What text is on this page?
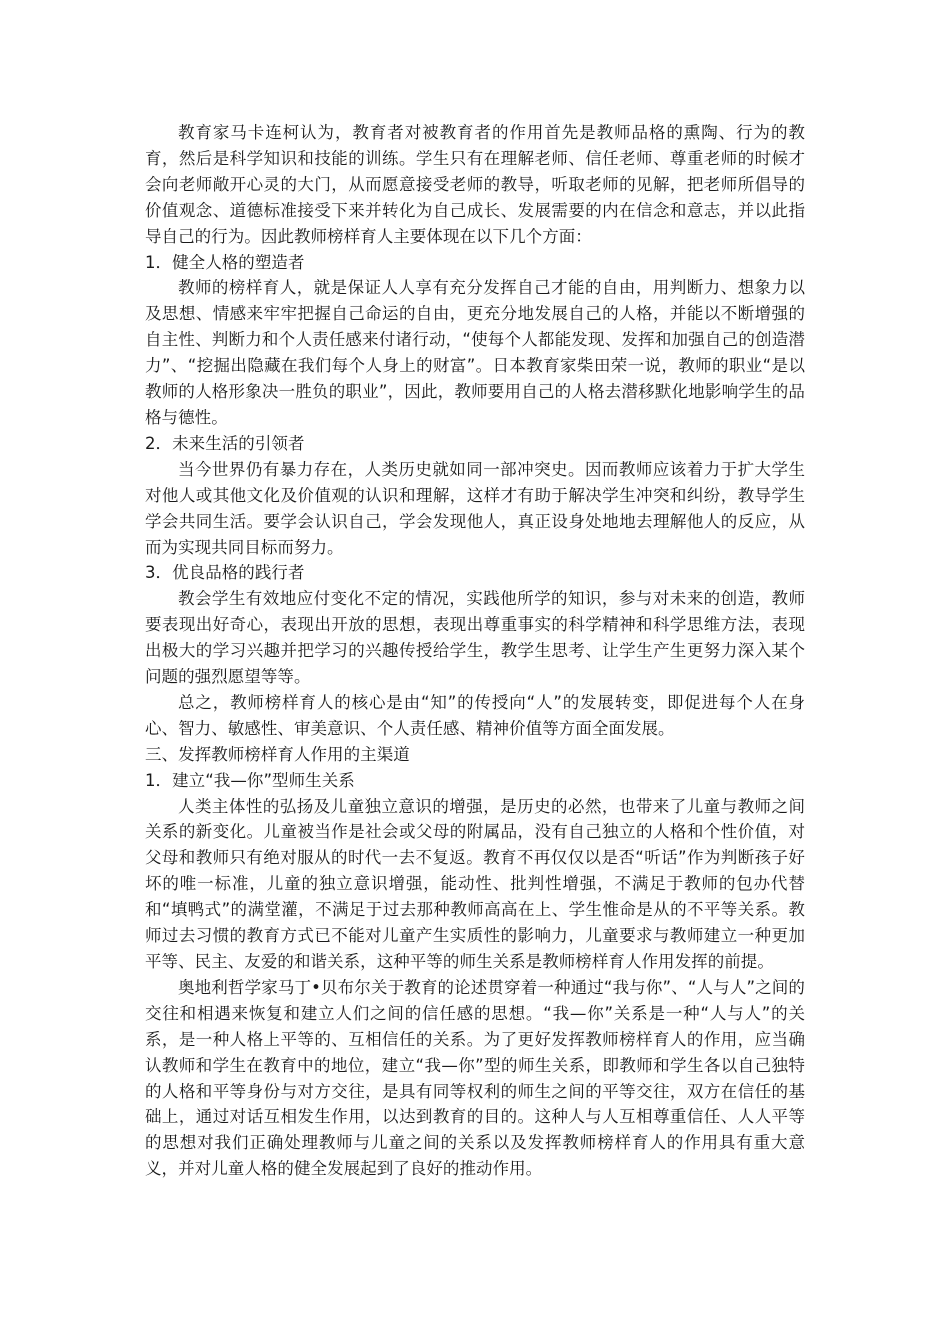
教育家马卡连柯认为，教育者对被教育者的作用首先是教师品格的熏陶、行为的教育，然后是科学知识和技能的训练。学生只有在理解老师、信任老师、尊重老师的时候才会向老师敞开心灵的大门，从而愿意接受老师的教导，听取老师的见解，把老师所倡导的价值观念、道德标准接受下来并转化为自己成长、发展需要的内在信念和意志，并以此指导自己的行为。因此教师榜样育人主要体现在以下几个方面：

1．健全人格的塑造者

教师的榜样育人，就是保证人人享有充分发挥自己才能的自由，用判断力、想象力以及思想、情感来牢牢把握自己命运的自由，更充分地发展自己的人格，并能以不断增强的自主性、判断力和个人责任感来付诸行动，“使每个人都能发现、发挥和加强自己的创造潜力”、“挖掘出隐藏在我们每个人身上的财富”。日本教育家柴田荣一说，教师的职业“是以教师的人格形象决一胜负的职业”，因此，教师要用自己的人格去潜移默化地影响学生的品格与德性。

2．未来生活的引领者

当今世界仍有暴力存在，人类历史就如同一部冲突史。因而教师应该着力于扩大学生对他人或其他文化及价值观的认识和理解，这样才有助于解决学生冲突和纠纷，教导学生学会共同生活。要学会认识自己，学会发现他人，真正设身处地地去理解他人的反应，从而为实现共同目标而努力。

3．优良品格的践行者

教会学生有效地应付变化不定的情况，实践他所学的知识，参与对未来的创造，教师要表现出好奇心，表现出开放的思想，表现出尊重事实的科学精神和科学思维方法，表现出极大的学习兴趣并把学习的兴趣传授给学生，教学生思考、让学生产生更努力深入某个问题的强烈愿望等等。

总之，教师榜样育人的核心是由“知”的传授向“人”的发展转变，即促进每个人在身心、智力、敏感性、审美意识、个人责任感、精神价值等方面全面发展。

三、发挥教师榜样育人作用的主渠道

1．建立“我—你”型师生关系

人类主体性的弘扬及儿童独立意识的增强，是历史的必然，也带来了儿童与教师之间关系的新变化。儿童被当作是社会或父母的附属品，没有自己独立的人格和个性价值，对父母和教师只有绝对服从的时代一去不复返。教育不再仅仅以是否“听话”作为判断孩子好坏的唯一标准，儿童的独立意识增强，能动性、批判性增强，不满足于教师的包办代替和“填鸭式”的满堂灌，不满足于过去那种教师高高在上、学生惟命是从的不平等关系。教师过去习惯的教育方式已不能对儿童产生实质性的影响力，儿童要求与教师建立一种更加平等、民主、友爱的和谐关系，这种平等的师生关系是教师榜样育人作用发挥的前提。

奥地利哲学家马丁•贝布尔关于教育的论述贯穿着一种通过“我与你”、“人与人”之间的交往和相遇来恢复和建立人们之间的信任感的思想。“我—你”关系是一种“人与人”的关系，是一种人格上平等的、互相信任的关系。为了更好发挥教师榜样育人的作用，应当确认教师和学生在教育中的地位，建立“我—你”型的师生关系，即教师和学生各以自己独特的人格和平等身份与对方交往，是具有同等权利的师生之间的平等交往，双方在信任的基础上，通过对话互相发生作用，以达到教育的目的。这种人与人互相尊重信任、人人平等的思想对我们正确处理教师与儿童之间的关系以及发挥教师榜样育人的作用具有重大意义，并对儿童人格的健全发展起到了良好的推动作用。
